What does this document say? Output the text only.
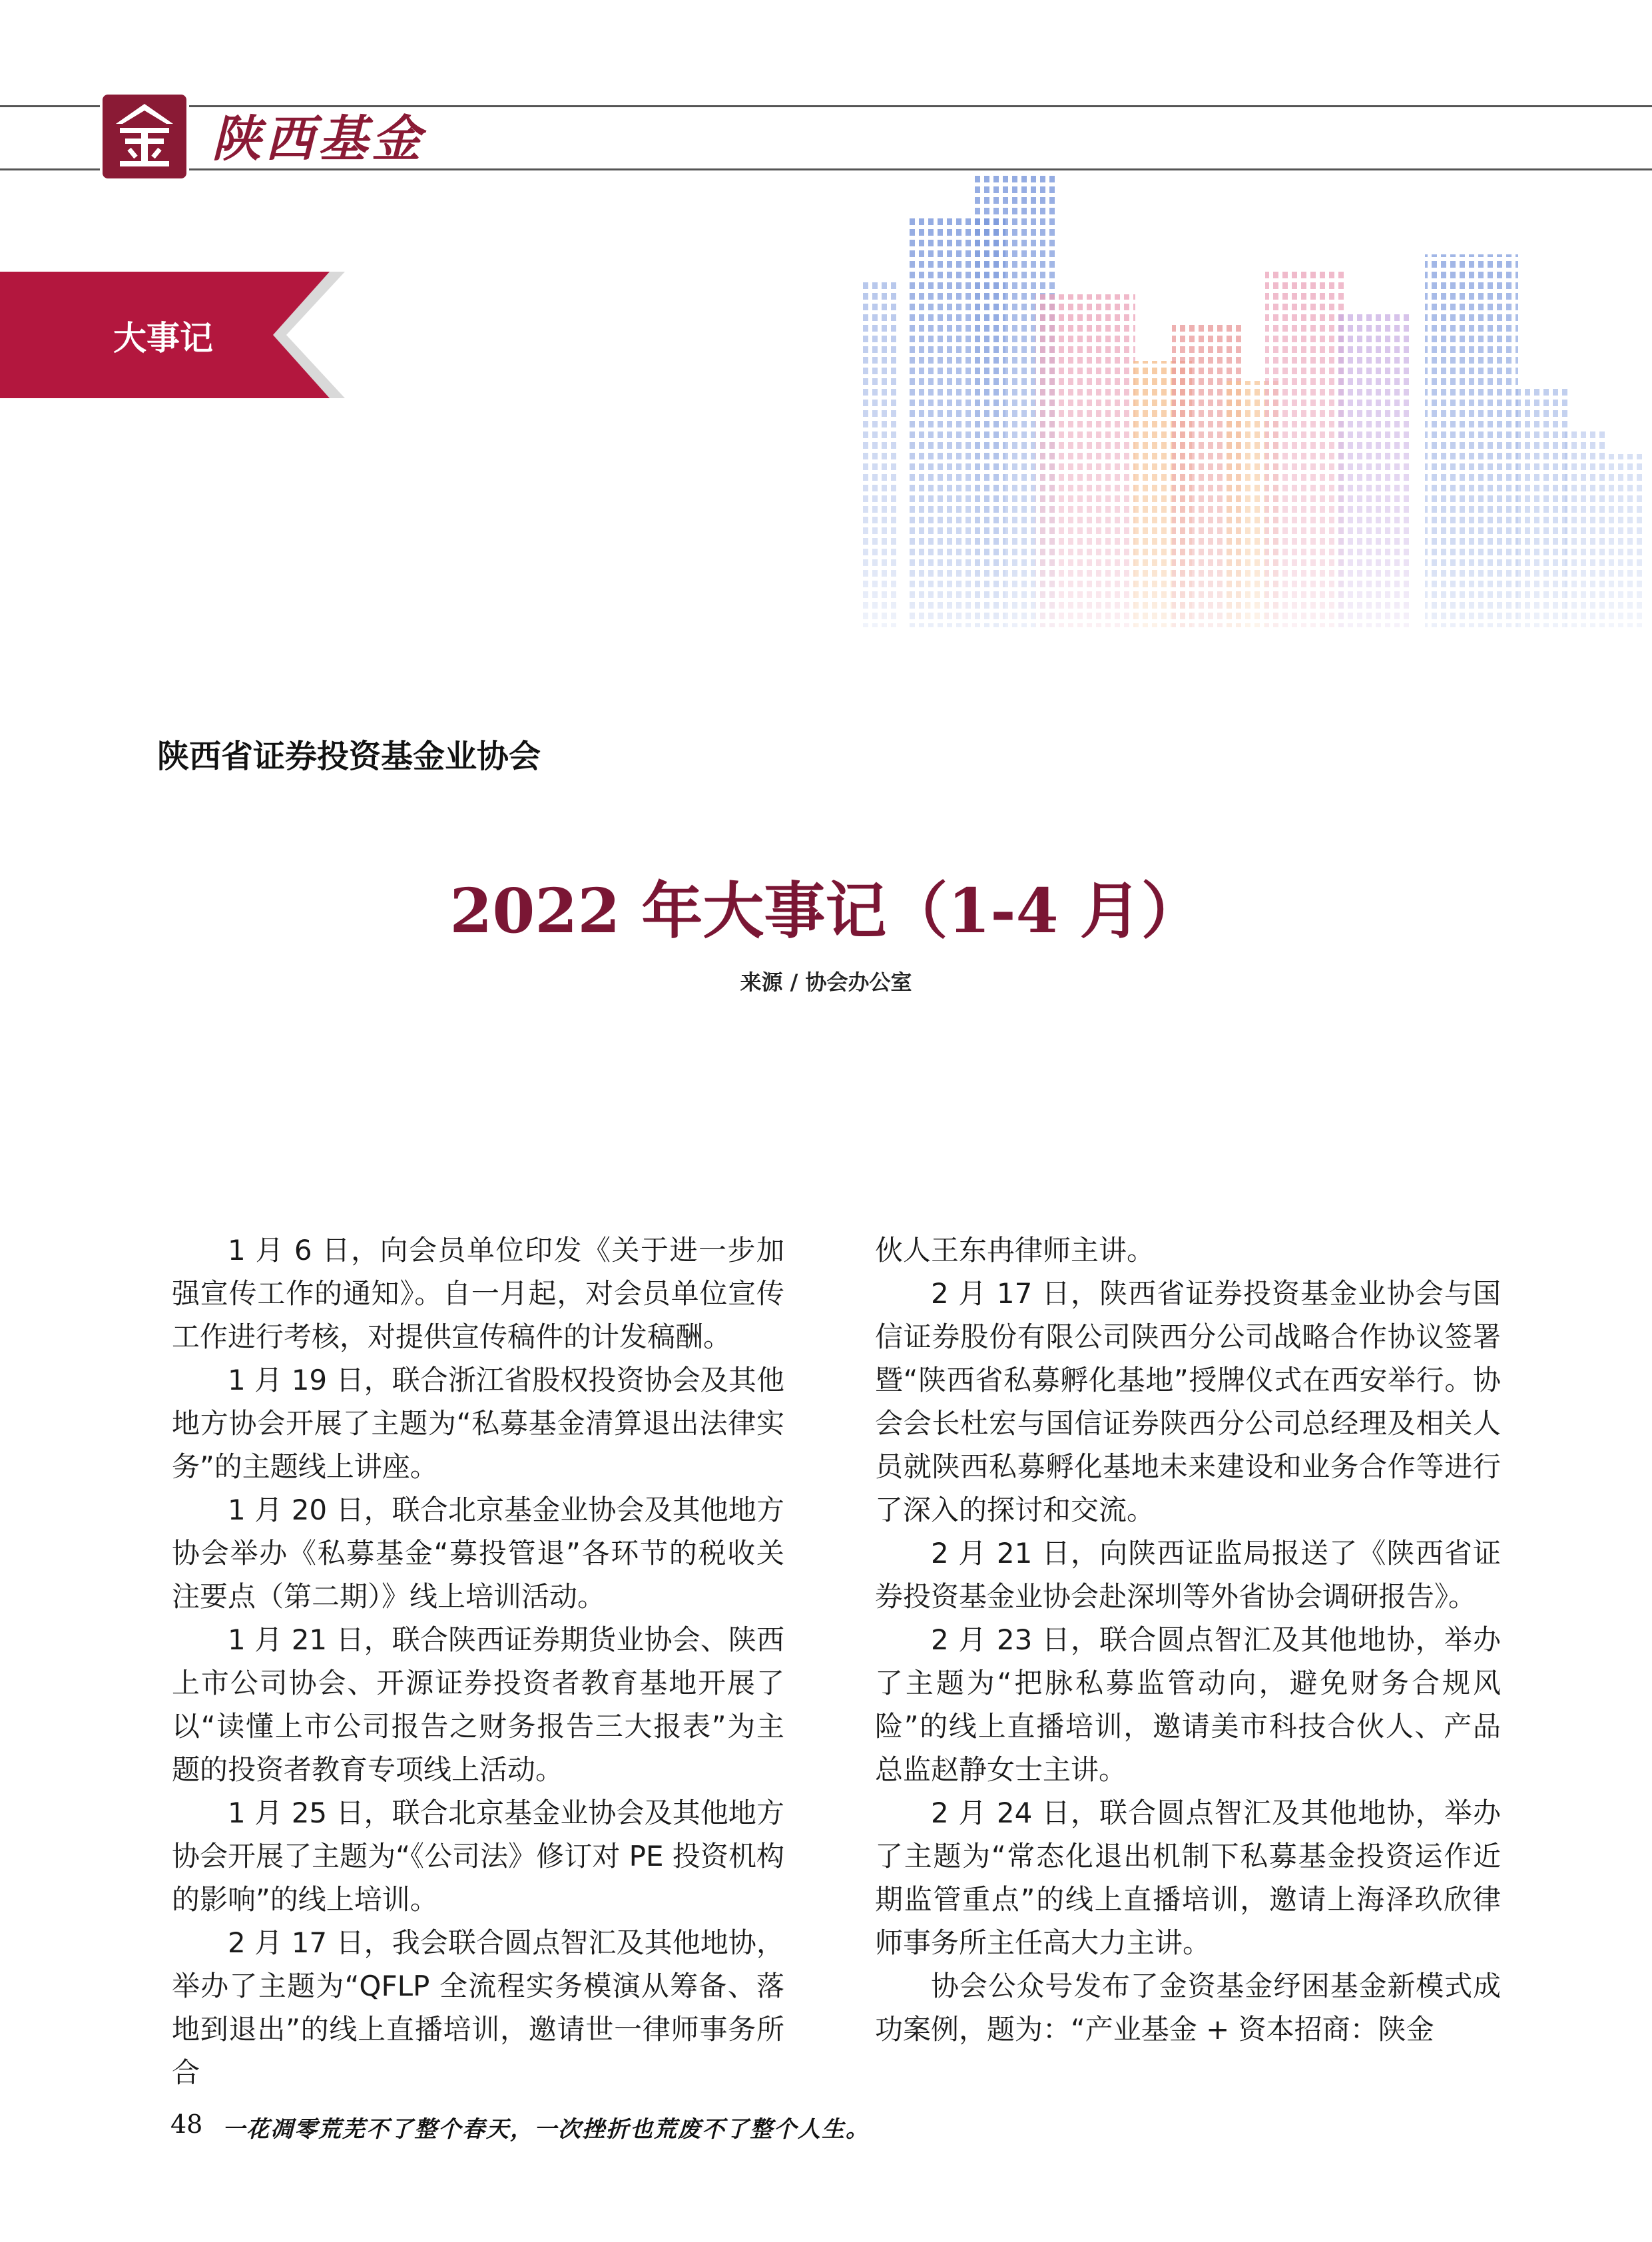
陕西基金
大事记
陕西省证券投资基金业协会
2022 年大事记（1-4 月）
来源 / 协会办公室

1 月 6 日，向会员单位印发《关于进一步加强宣传工作的通知》。自一月起，对会员单位宣传工作进行考核，对提供宣传稿件的计发稿酬。

1 月 19 日，联合浙江省股权投资协会及其他地方协会开展了主题为“私募基金清算退出法律实务”的主题线上讲座。

1 月 20 日，联合北京基金业协会及其他地方协会举办《私募基金“募投管退”各环节的税收关注要点（第二期）》线上培训活动。

1 月 21 日，联合陕西证券期货业协会、陕西上市公司协会、开源证券投资者教育基地开展了以“读懂上市公司报告之财务报告三大报表”为主题的投资者教育专项线上活动。

1 月 25 日，联合北京基金业协会及其他地方协会开展了主题为“《公司法》修订对 PE 投资机构的影响”的线上培训。

2 月 17 日，我会联合圆点智汇及其他地协，举办了主题为“QFLP 全流程实务模演从筹备、落地到退出”的线上直播培训，邀请世一律师事务所合

伙人王东冉律师主讲。

2 月 17 日，陕西省证券投资基金业协会与国信证券股份有限公司陕西分公司战略合作协议签署暨“陕西省私募孵化基地”授牌仪式在西安举行。协会会长杜宏与国信证券陕西分公司总经理及相关人员就陕西私募孵化基地未来建设和业务合作等进行了深入的探讨和交流。

2 月 21 日，向陕西证监局报送了《陕西省证券投资基金业协会赴深圳等外省协会调研报告》。

2 月 23 日，联合圆点智汇及其他地协，举办了主题为“把脉私募监管动向，避免财务合规风险”的线上直播培训，邀请美市科技合伙人、产品总监赵静女士主讲。

2 月 24 日，联合圆点智汇及其他地协，举办了主题为“常态化退出机制下私募基金投资运作近期监管重点”的线上直播培训，邀请上海泽玖欣律师事务所主任高大力主讲。

协会公众号发布了金资基金纾困基金新模式成功案例，题为：“产业基金 + 资本招商：陕金

48 一花凋零荒芜不了整个春天，一次挫折也荒废不了整个人生。
